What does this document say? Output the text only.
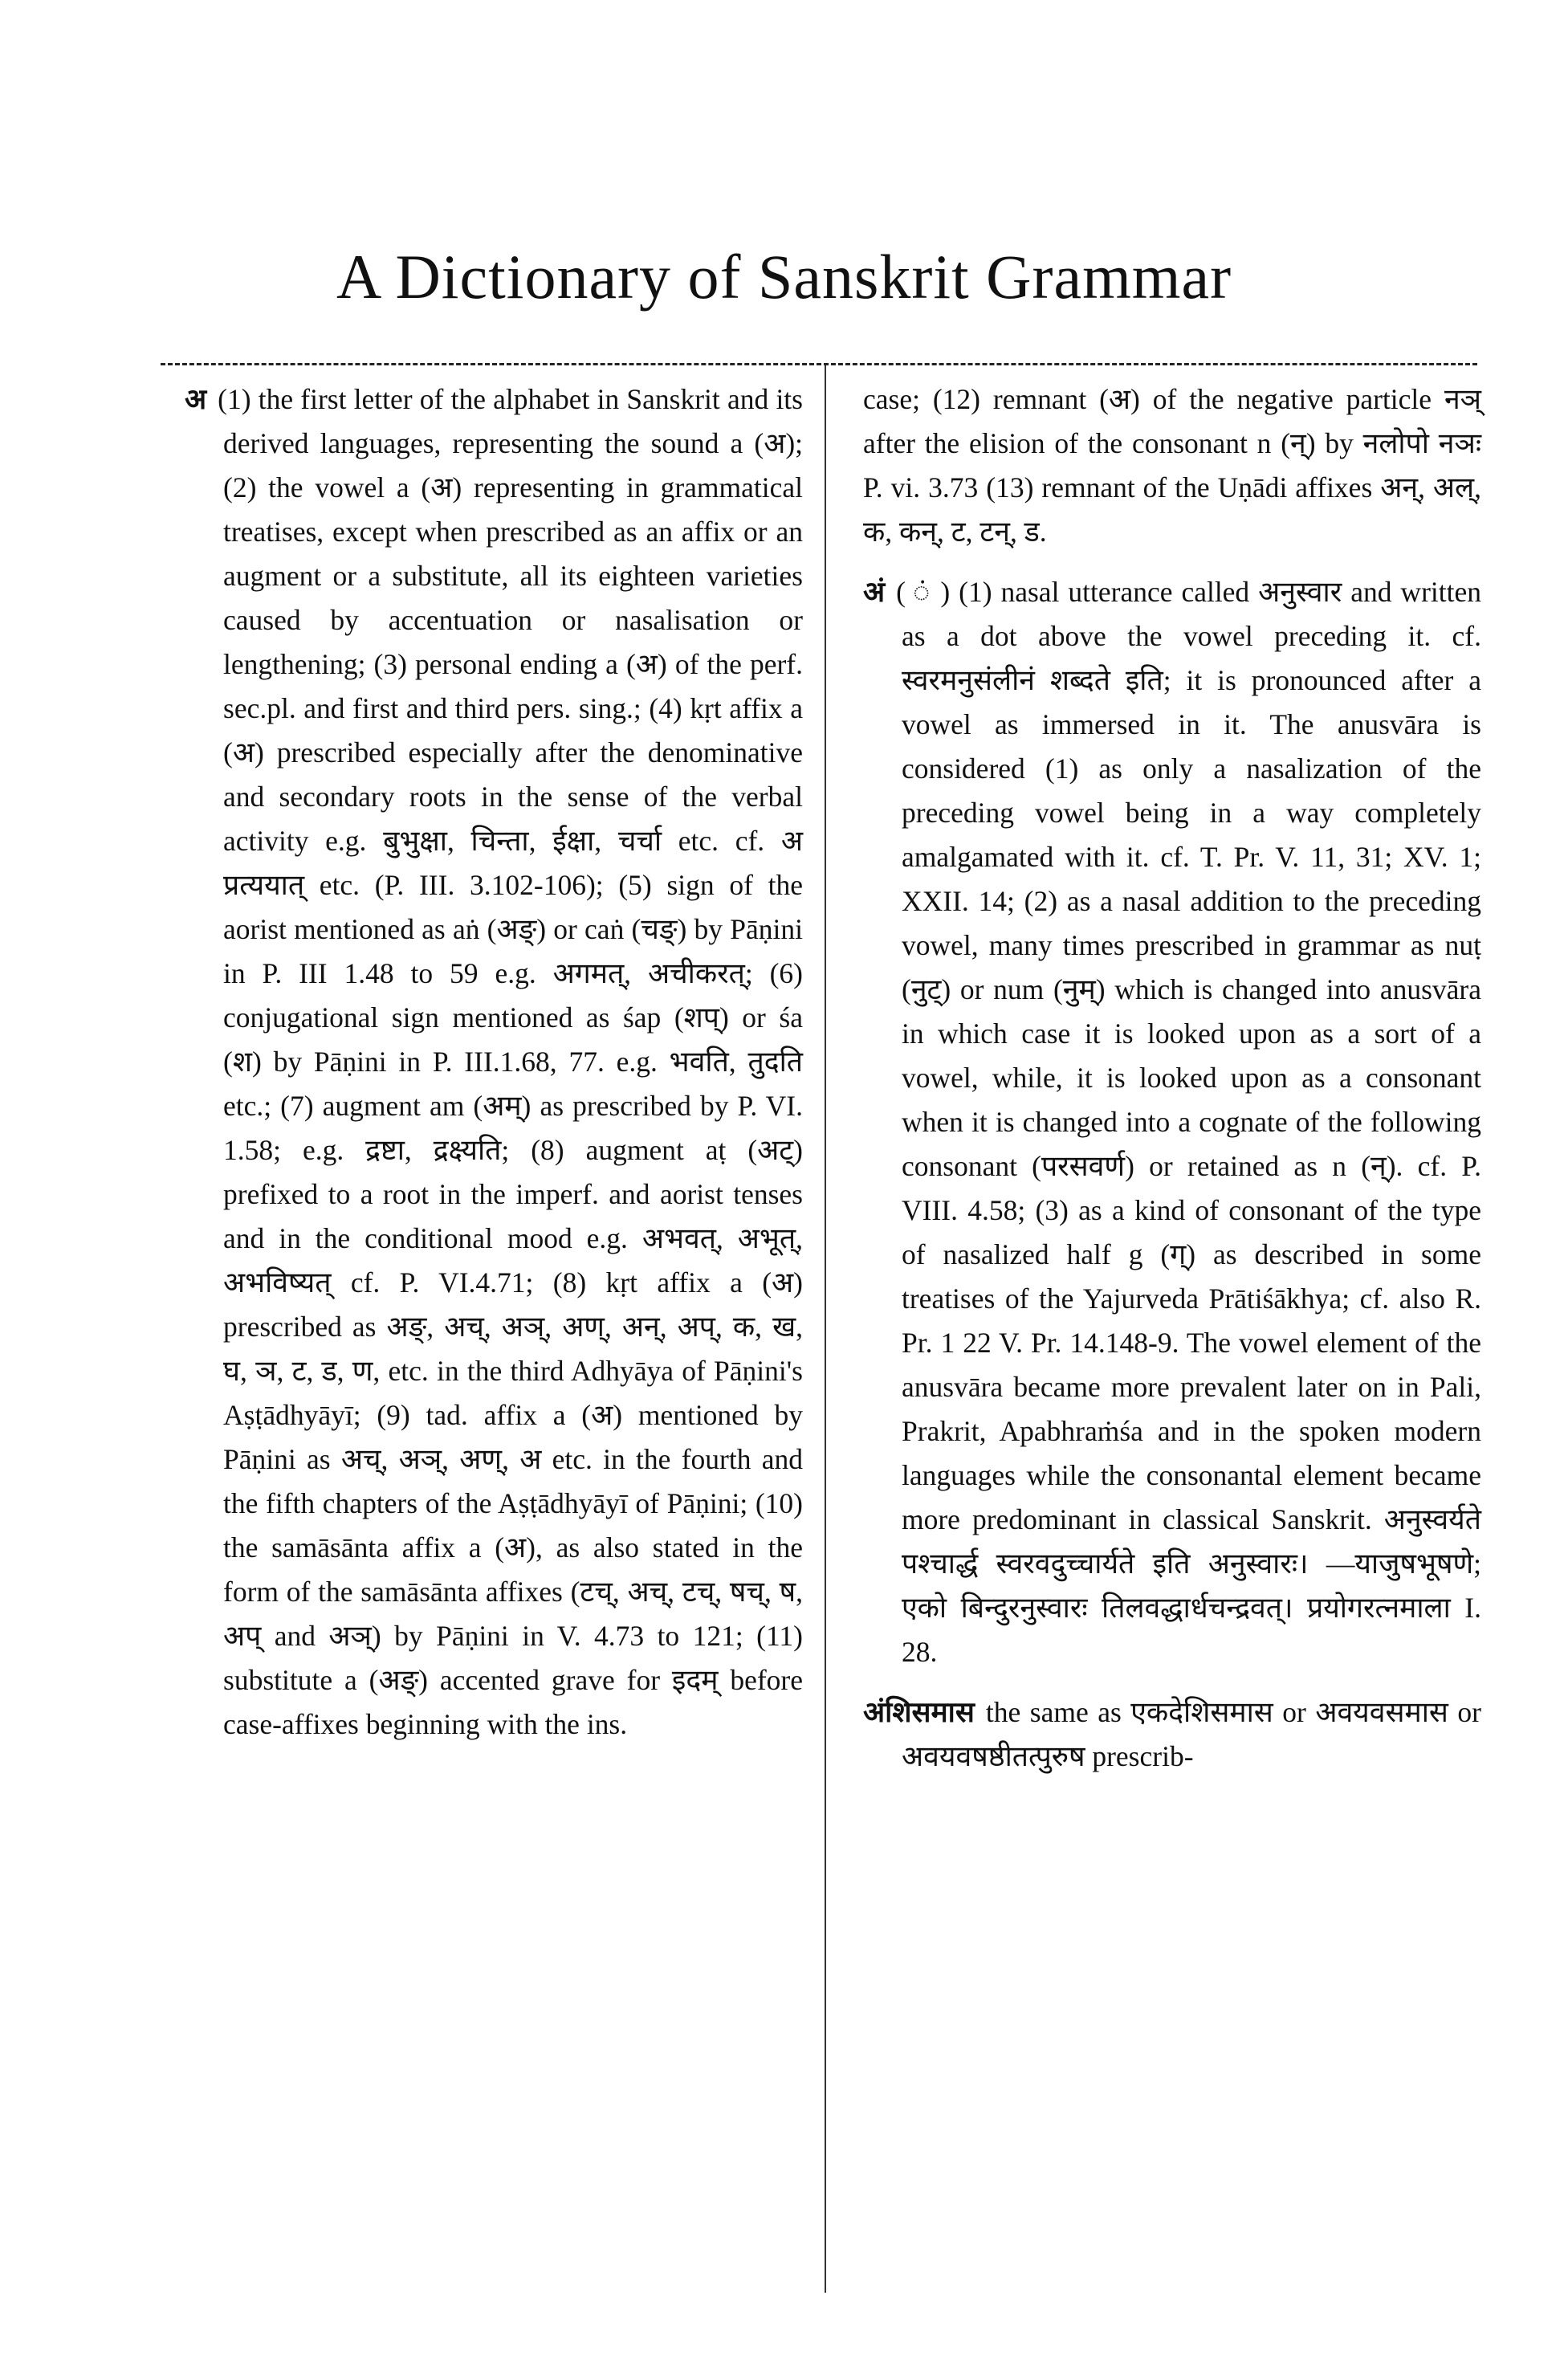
A Dictionary of Sanskrit Grammar

अ (1) the first letter of the alphabet in Sanskrit and its derived languages, representing the sound a (अ); (2) the vowel a (अ) representing in grammatical treatises, except when prescribed as an affix or an augment or a substitute, all its eighteen varieties caused by accentuation or nasalisation or lengthening; (3) personal ending a (अ) of the perf. sec.pl. and first and third pers. sing.; (4) kṛt affix a (अ) prescribed especially after the denominative and secondary roots in the sense of the verbal activity e.g. बुभुक्षा, चिन्ता, ईक्षा, चर्चा etc. cf. अ प्रत्ययात् etc. (P. III. 3.102-106); (5) sign of the aorist mentioned as aṅ (अङ्) or caṅ (चङ्) by Pāṇini in P. III 1.48 to 59 e.g. अगमत्, अचीकरत्; (6) conjugational sign mentioned as śap (शप्) or śa (श) by Pāṇini in P. III.1.68, 77. e.g. भवति, तुदति etc.; (7) augment am (अम्) as prescribed by P. VI. 1.58; e.g. द्रष्टा, द्रक्ष्यति; (8) augment aṭ (अट्) prefixed to a root in the imperf. and aorist tenses and in the conditional mood e.g. अभवत्, अभूत्, अभविष्यत् cf. P. VI.4.71; (8) kṛt affix a (अ) prescribed as अङ्, अच्, अञ्, अण्, अन्, अप्, क, ख, घ, ञ, ट, ड, ण, etc. in the third Adhyāya of Pāṇini's Aṣṭādhyāyī; (9) tad. affix a (अ) mentioned by Pāṇini as अच्, अञ्, अण्, अ etc. in the fourth and the fifth chapters of the Aṣṭādhyāyī of Pāṇini; (10) the samāsānta affix a (अ), as also stated in the form of the samāsānta affixes (टच्, अच्, टच्, षच्, ष, अप् and अञ्) by Pāṇini in V. 4.73 to 121; (11) substitute a (अङ्) accented grave for इदम् before case-affixes beginning with the ins.

case; (12) remnant (अ) of the negative particle नञ् after the elision of the consonant n (न्) by नलोपो नञः P. vi. 3.73 (13) remnant of the Uṇādi affixes अन्, अल्, क, कन्, ट, टन्, ड.

अं ( ं ) (1) nasal utterance called अनुस्वार and written as a dot above the vowel preceding it. cf. स्वरमनुसंलीनं शब्दते इति; it is pronounced after a vowel as immersed in it. The anusvāra is considered (1) as only a nasalization of the preceding vowel being in a way completely amalgamated with it. cf. T. Pr. V. 11, 31; XV. 1; XXII. 14; (2) as a nasal addition to the preceding vowel, many times prescribed in grammar as nuṭ (नुट्) or num (नुम्) which is changed into anusvāra in which case it is looked upon as a sort of a vowel, while, it is looked upon as a consonant when it is changed into a cognate of the following consonant (परसवर्ण) or retained as n (न्). cf. P. VIII. 4.58; (3) as a kind of consonant of the type of nasalized half g (ग्) as described in some treatises of the Yajurveda Prātiśākhya; cf. also R. Pr. 1 22 V. Pr. 14.148-9. The vowel element of the anusvāra became more prevalent later on in Pali, Prakrit, Apabhraṁśa and in the spoken modern languages while the consonantal element became more predominant in classical Sanskrit. अनुस्वर्यते पश्चार्द्ध स्वरवदुच्चार्यते इति अनुस्वारः। —याजुषभूषणे; एको बिन्दुरनुस्वारः तिलवद्धार्धचन्द्रवत्। प्रयोगरत्नमाला I. 28.

अंशिसमास the same as एकदेशिसमास or अवयवसमास or अवयवषष्ठीतत्पुरुष prescrib-
